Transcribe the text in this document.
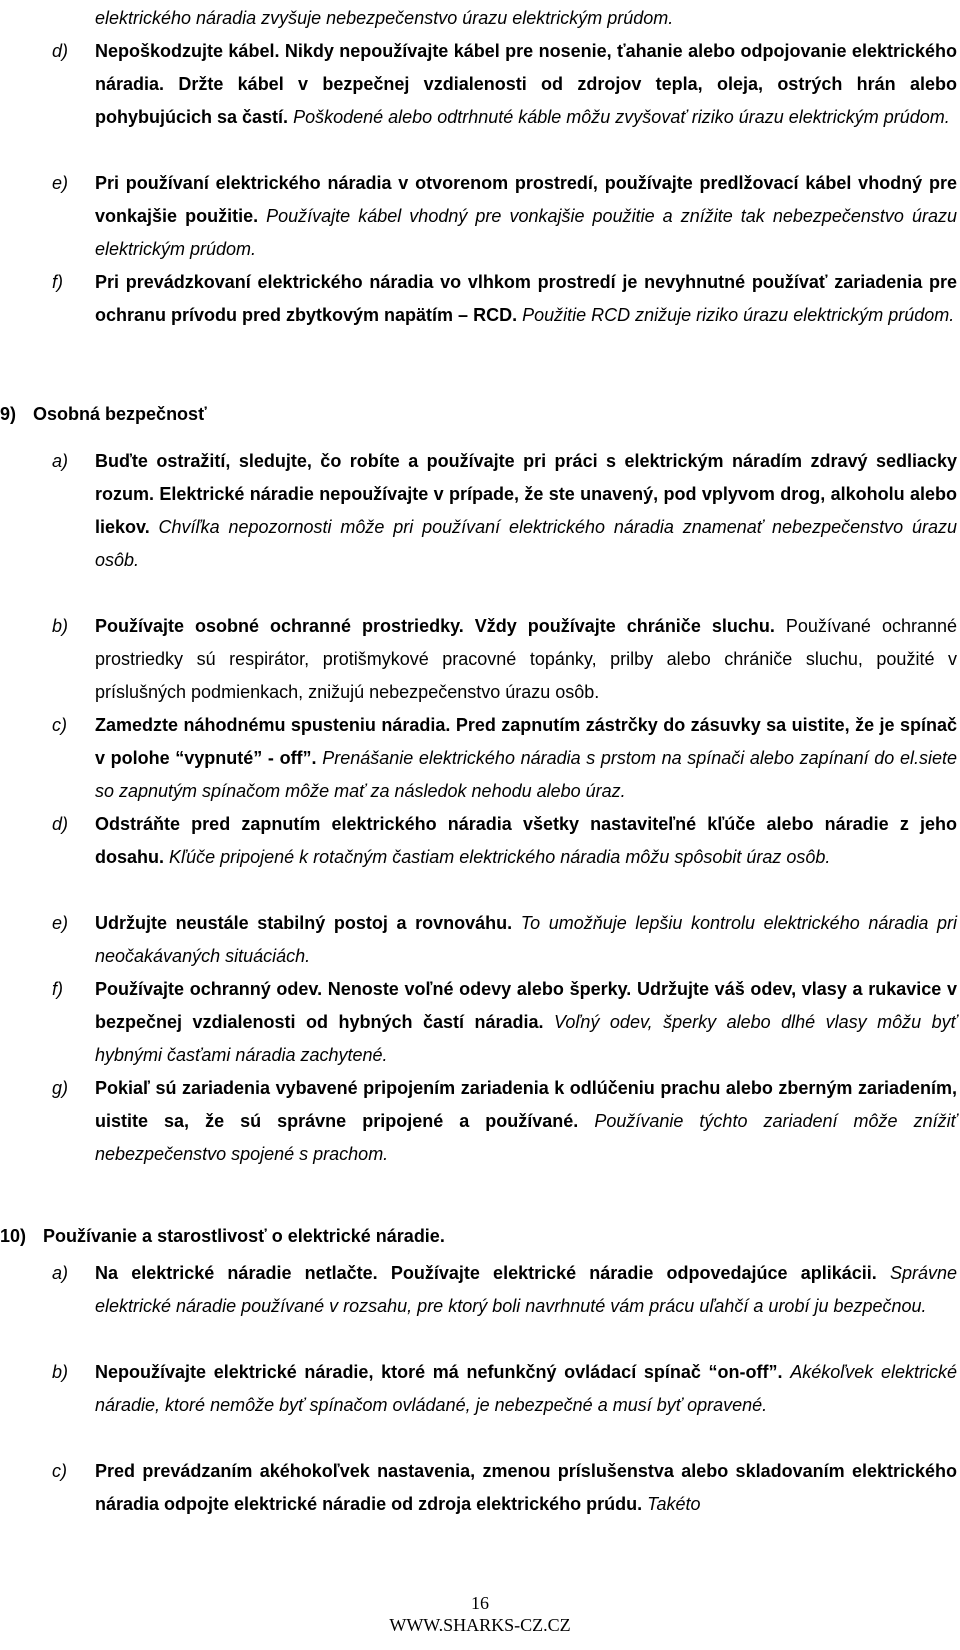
elektrického náradia zvyšuje nebezpečenstvo úrazu elektrickým prúdom.

d) Nepoškodzujte kábel. Nikdy nepoužívajte kábel pre nosenie, ťahanie alebo odpojovanie elektrického náradia. Držte kábel v bezpečnej vzdialenosti od zdrojov tepla, oleja, ostrých hrán alebo pohybujúcich sa častí. Poškodené alebo odtrhnuté káble môžu zvyšovať riziko úrazu elektrickým prúdom.

e) Pri používaní elektrického náradia v otvorenom prostredí, používajte predlžovací kábel vhodný pre vonkajšie použitie. Používajte kábel vhodný pre vonkajšie použitie a znížite tak nebezpečenstvo úrazu elektrickým prúdom.

f) Pri prevádzkovaní elektrického náradia vo vlhkom prostredí je nevyhnutné používať zariadenia pre ochranu prívodu pred zbytkovým napätím – RCD. Použitie RCD znižuje riziko úrazu elektrickým prúdom.

9) Osobná bezpečnosť
a) Buďte ostražití, sledujte, čo robíte a používajte pri práci s elektrickým náradím zdravý sedliacky rozum. Elektrické náradie nepoužívajte v prípade, že ste unavený, pod vplyvom drog, alkoholu alebo liekov. Chvíľka nepozornosti môže pri používaní elektrického náradia znamenať nebezpečenstvo úrazu osôb.

b) Používajte osobné ochranné prostriedky. Vždy používajte chrániče sluchu. Používané ochranné prostriedky sú respirátor, protišmykové pracovné topánky, prilby alebo chrániče sluchu, použité v príslušných podmienkach, znižujú nebezpečenstvo úrazu osôb.

c) Zamedzte náhodnému spusteniu náradia. Pred zapnutím zástrčky do zásuvky sa uistite, že je spínač v polohe “vypnuté” - off”. Prenášanie elektrického náradia s prstom na spínači alebo zapínaní do el.siete so zapnutým spínačom môže mať za následok nehodu alebo úraz.

d) Odstráňte pred zapnutím elektrického náradia všetky nastaviteľné kľúče alebo náradie z jeho dosahu. Kľúče pripojené k rotačným častiam elektrického náradia môžu spôsobit úraz osôb.

e) Udržujte neustále stabilný postoj a rovnováhu. To umožňuje lepšiu kontrolu elektrického náradia pri neočakávaných situáciách.

f) Používajte ochranný odev. Nenoste voľné odevy alebo šperky. Udržujte váš odev, vlasy a rukavice v bezpečnej vzdialenosti od hybných častí náradia. Voľný odev, šperky alebo dlhé vlasy môžu byť hybnými časťami náradia zachytené.

g) Pokiaľ sú zariadenia vybavené pripojením zariadenia k odlúčeniu prachu alebo zberným zariadením, uistite sa, že sú správne pripojené a používané. Používanie týchto zariadení môže znížiť nebezpečenstvo spojené s prachom.

10) Používanie a starostlivosť o elektrické náradie.
a) Na elektrické náradie netlačte. Používajte elektrické náradie odpovedajúce aplikácii. Správne elektrické náradie používané v rozsahu, pre ktorý boli navrhnuté vám prácu uľahčí a urobí ju bezpečnou.

b) Nepoužívajte elektrické náradie, ktoré má nefunkčný ovládací spínač “on-off”. Akékoľvek elektrické náradie, ktoré nemôže byť spínačom ovládané, je nebezpečné a musí byť opravené.

c) Pred prevádzaním akéhokoľvek nastavenia, zmenou príslušenstva alebo skladovaním elektrického náradia odpojte elektrické náradie od zdroja elektrického prúdu. Takéto

16
WWW.SHARKS-CZ.CZ
